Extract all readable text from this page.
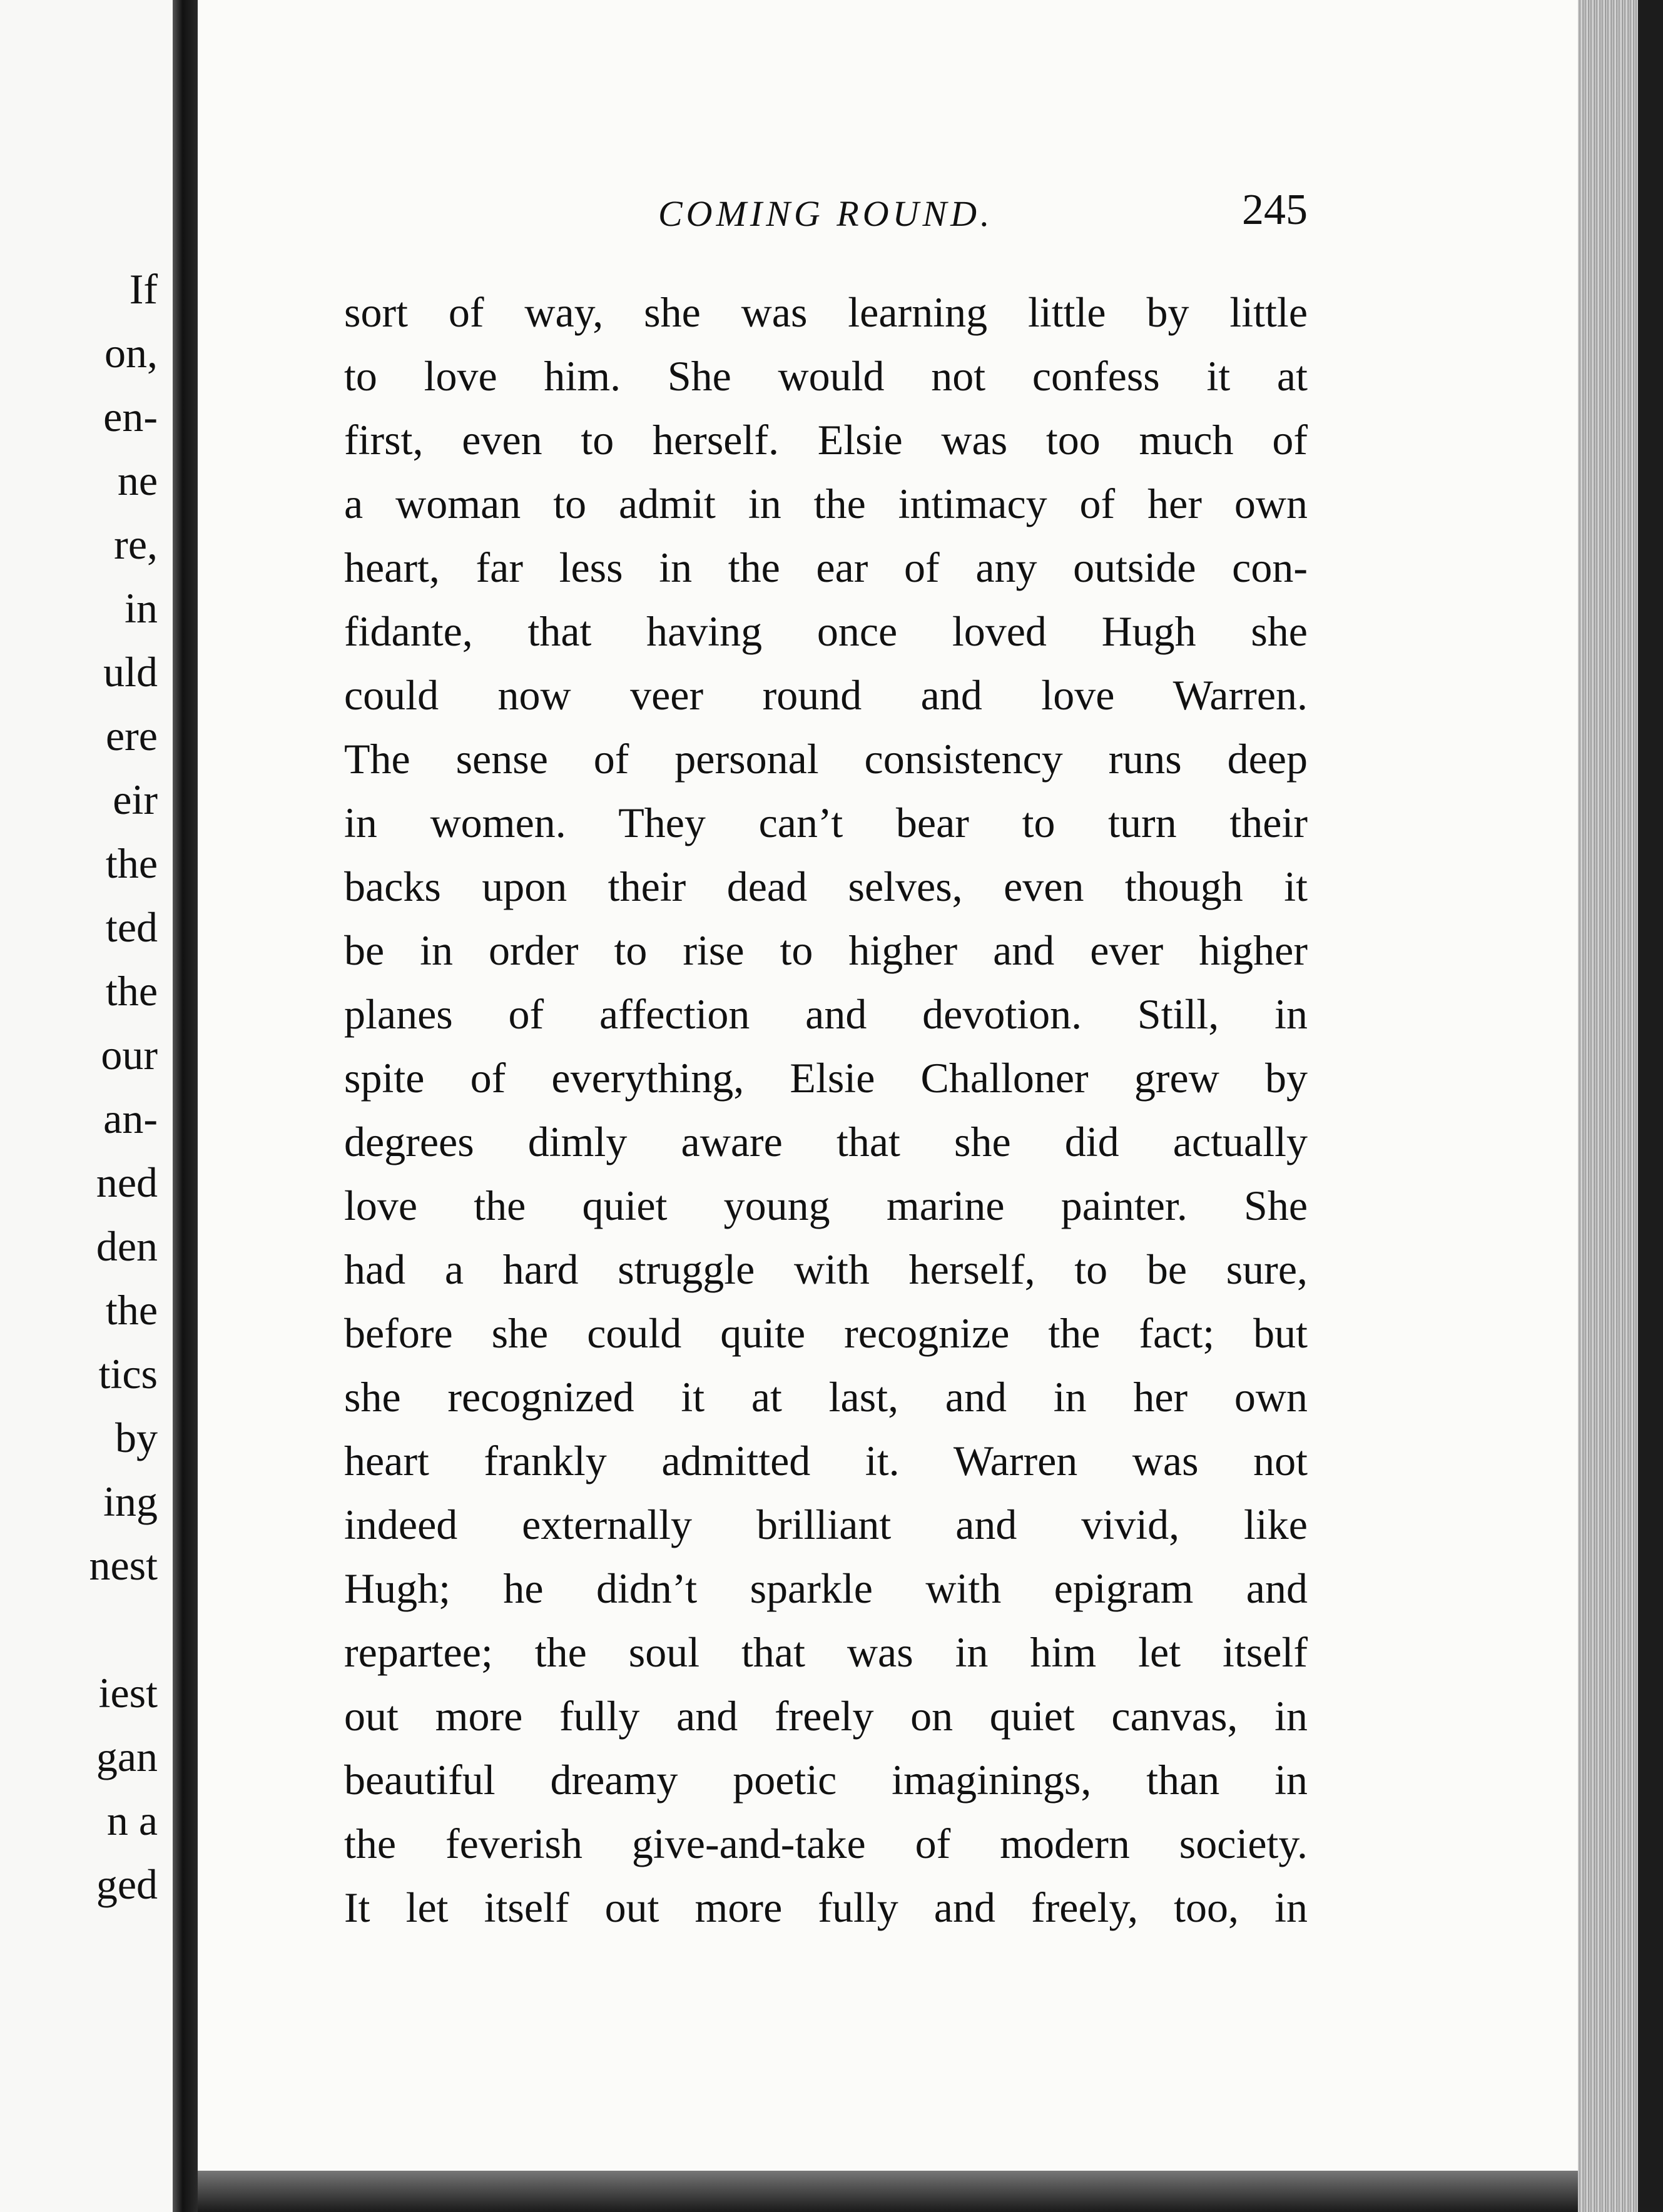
If
on,
en-
ne
re,
in
uld
ere
eir
the
ted
the
our
an-
ned
den
the
tics
by
ing
nest
iest
gan
n a
ged
COMING ROUND.	245
sort of way, she was learning little by little
to love him. She would not confess it at
first, even to herself. Elsie was too much of
a woman to admit in the intimacy of her own
heart, far less in the ear of any outside con-
fidante, that having once loved Hugh she
could now veer round and love Warren.
The sense of personal consistency runs deep
in women. They can’t bear to turn their
backs upon their dead selves, even though it
be in order to rise to higher and ever higher
planes of affection and devotion. Still, in
spite of everything, Elsie Challoner grew by
degrees dimly aware that she did actually
love the quiet young marine painter. She
had a hard struggle with herself, to be sure,
before she could quite recognize the fact; but
she recognized it at last, and in her own
heart frankly admitted it. Warren was not
indeed externally brilliant and vivid, like
Hugh; he didn’t sparkle with epigram and
repartee; the soul that was in him let itself
out more fully and freely on quiet canvas, in
beautiful dreamy poetic imaginings, than in
the feverish give-and-take of modern society.
It let itself out more fully and freely, too, in
